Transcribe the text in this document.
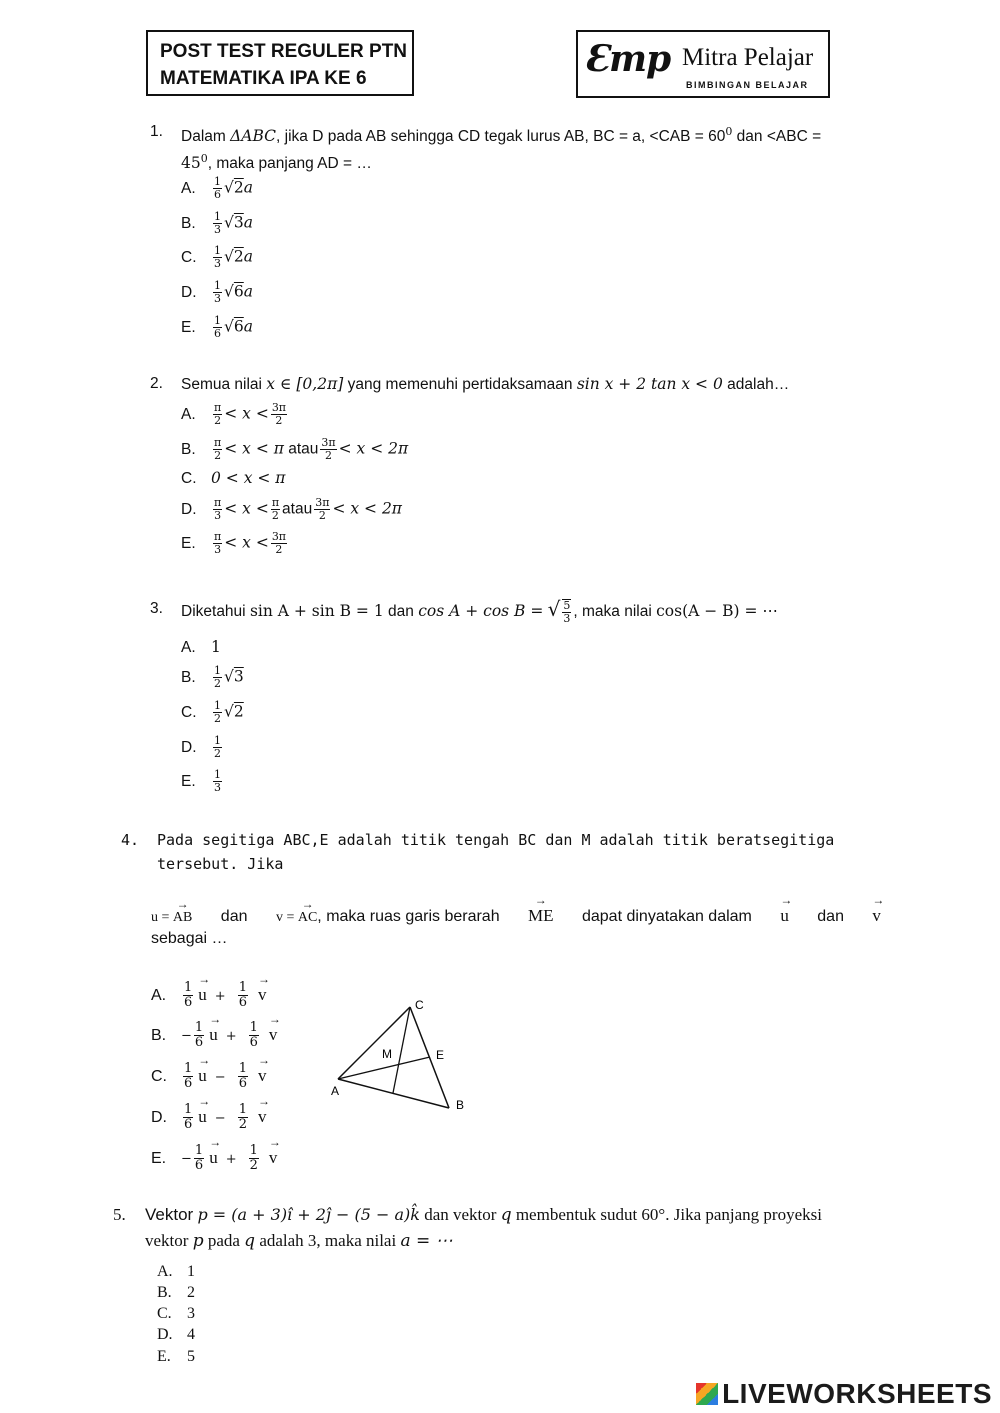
POST TEST REGULER PTN
MATEMATIKA IPA KE 6	Ɛmp Mitra Pelajar
BIMBINGAN BELAJAR
1. Dalam ΔABC, jika D pada AB sehingga CD tegak lurus AB, BC = a, $<CAB = 60^0$ dan <ABC =
$45^0$, maka panjang AD = …
A. $\frac{1}{6} √2a$
B. $\frac{1}{3} √3a$
C. $\frac{1}{3} √2a$
D. $\frac{1}{3} √6a$
E. $\frac{1}{6} √6a$
2. Semua nilai x ∈ [0,2π] yang memenuhi pertidaksamaan sin x + 2 tan x < 0 adalah…
A. $\frac{\pi}{2} < x < \frac{3\pi}{2}$
B. $\frac{\pi}{2} < x < \pi$ atau $\frac{3\pi}{2} < x < 2\pi$
C. 0 < x < π
D. $\frac{\pi}{3} < x < \frac{\pi}{2}$ atau $\frac{3\pi}{2} < x < 2\pi$
E. $\frac{\pi}{3} < x < \frac{3\pi}{2}$
3. Diketahui sin A + sin B = 1 dan cos A + cos B = √ $\frac{5}{3}$ , maka nilai cos(A − B) = ⋯
A. 1
B. $\frac{1}{2} √3$
C. $\frac{1}{2} √2$
D. $\frac{1}{2}$
E. $\frac{1}{3}$
4. Pada segitiga ABC,E adalah titik tengah BC dan M adalah titik beratsegitiga
tersebut. Jika
u = → AB dan v = → AC, maka ruas garis berarah → ME dapat dinyatakan dalam → u dan → v
sebagai …
A. $\frac{1}{6} \to u + \frac{1}{6} \to v$
B. − $\frac{1}{6} \to u + \frac{1}{6} \to v$
C. $\frac{1}{6} \to u - \frac{1}{6} \to v$
D. $\frac{1}{6} \to u - \frac{1}{2} \to v$
E. − $\frac{1}{6} \to u + \frac{1}{2} \to v$
C
M	E
A
B
5. Vektor p = (a + 3)î + 2ĵ − (5 − a)k̂ dan vektor q membentuk sudut 60°. Jika panjang proyeksi
vektor p pada q adalah 3, maka nilai a = ⋯
A. 1
B. 2
C. 3
D. 4
E. 5
LIVEWORKSHEETS
